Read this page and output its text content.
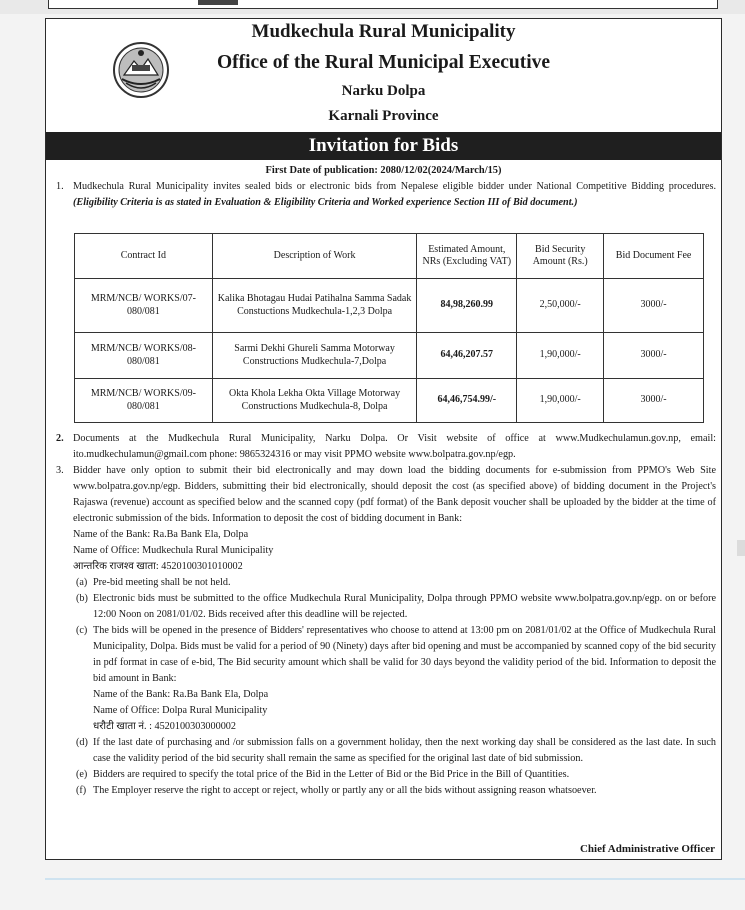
Mudkechula Rural Municipality
Office of the Rural Municipal Executive
Narku Dolpa
Karnali Province
Invitation for Bids
First Date of publication: 2080/12/02(2024/March/15)
1. Mudkechula Rural Municipality invites sealed bids or electronic bids from Nepalese eligible bidder under National Competitive Bidding procedures.(Eligibility Criteria is as stated in Evaluation & Eligibility Criteria and Worked experience Section III of Bid document.)
Contract Id	Description of Work	Estimated Amount, NRs (Excluding VAT)	Bid Security Amount (Rs.)	Bid Document Fee
MRM/NCB/ WORKS/07-080/081	Kalika Bhotagau Hudai Patihalna Samma Sadak Constuctions Mudkechula-1,2,3 Dolpa	84,98,260.99	2,50,000/-	3000/-
MRM/NCB/ WORKS/08-080/081	Sarmi Dekhi Ghureli Samma Motorway Constructions Mudkechula-7,Dolpa	64,46,207.57	1,90,000/-	3000/-
MRM/NCB/ WORKS/09-080/081	Okta Khola Lekha Okta Village Motorway Constructions Mudkechula-8, Dolpa	64,46,754.99/-	1,90,000/-	3000/-
2. Documents at the Mudkechula Rural Municipality, Narku Dolpa. Or Visit website of office at www.Mudkechulamun.gov.np, email: ito.mudkechulamun@gmail.com phone: 9865324316 or may visit PPMO website www.bolpatra.gov.np/egp.
3. Bidder have only option to submit their bid electronically and may down load the bidding documents for e-submission from PPMO's Web Site www.bolpatra.gov.np/egp. Bidders, submitting their bid electronically, should deposit the cost (as specified above) of bidding document in the Project's Rajaswa (revenue) account as specified below and the scanned copy (pdf format) of the Bank deposit voucher shall be uploaded by the bidder at the time of electronic submission of the bids. Information to deposit the cost of bidding document in Bank:
Name of the Bank: Ra.Ba Bank Ela, Dolpa
Name of Office: Mudkechula Rural Municipality
आन्तरिक राजश्व खाता: 4520100301010002
(a) Pre-bid meeting shall be not held.
(b) Electronic bids must be submitted to the office Mudkechula Rural Municipality, Dolpa through PPMO website www.bolpatra.gov.np/egp. on or before 12:00 Noon on 2081/01/02. Bids received after this deadline will be rejected.
(c) The bids will be opened in the presence of Bidders' representatives who choose to attend at 13:00 pm on 2081/01/02 at the Office of Mudkechula Rural Municipality, Dolpa. Bids must be valid for a period of 90 (Ninety) days after bid opening and must be accompanied by scanned copy of the bid security in pdf format in case of e-bid, The Bid security amount which shall be valid for 30 days beyond the validity period of the bid. Information to deposit the bid amount in Bank:
Name of the Bank: Ra.Ba Bank Ela, Dolpa
Name of Office: Dolpa Rural Municipality
धरौटी खाता नं. : 4520100303000002
(d) If the last date of purchasing and /or submission falls on a government holiday, then the next working day shall be considered as the last date. In such case the validity period of the bid security shall remain the same as specified for the original last date of bid submission.
(e) Bidders are required to specify the total price of the Bid in the Letter of Bid or the Bid Price in the Bill of Quantities.
(f) The Employer reserve the right to accept or reject, wholly or partly any or all the bids without assigning reason whatsoever.
Chief Administrative Officer
